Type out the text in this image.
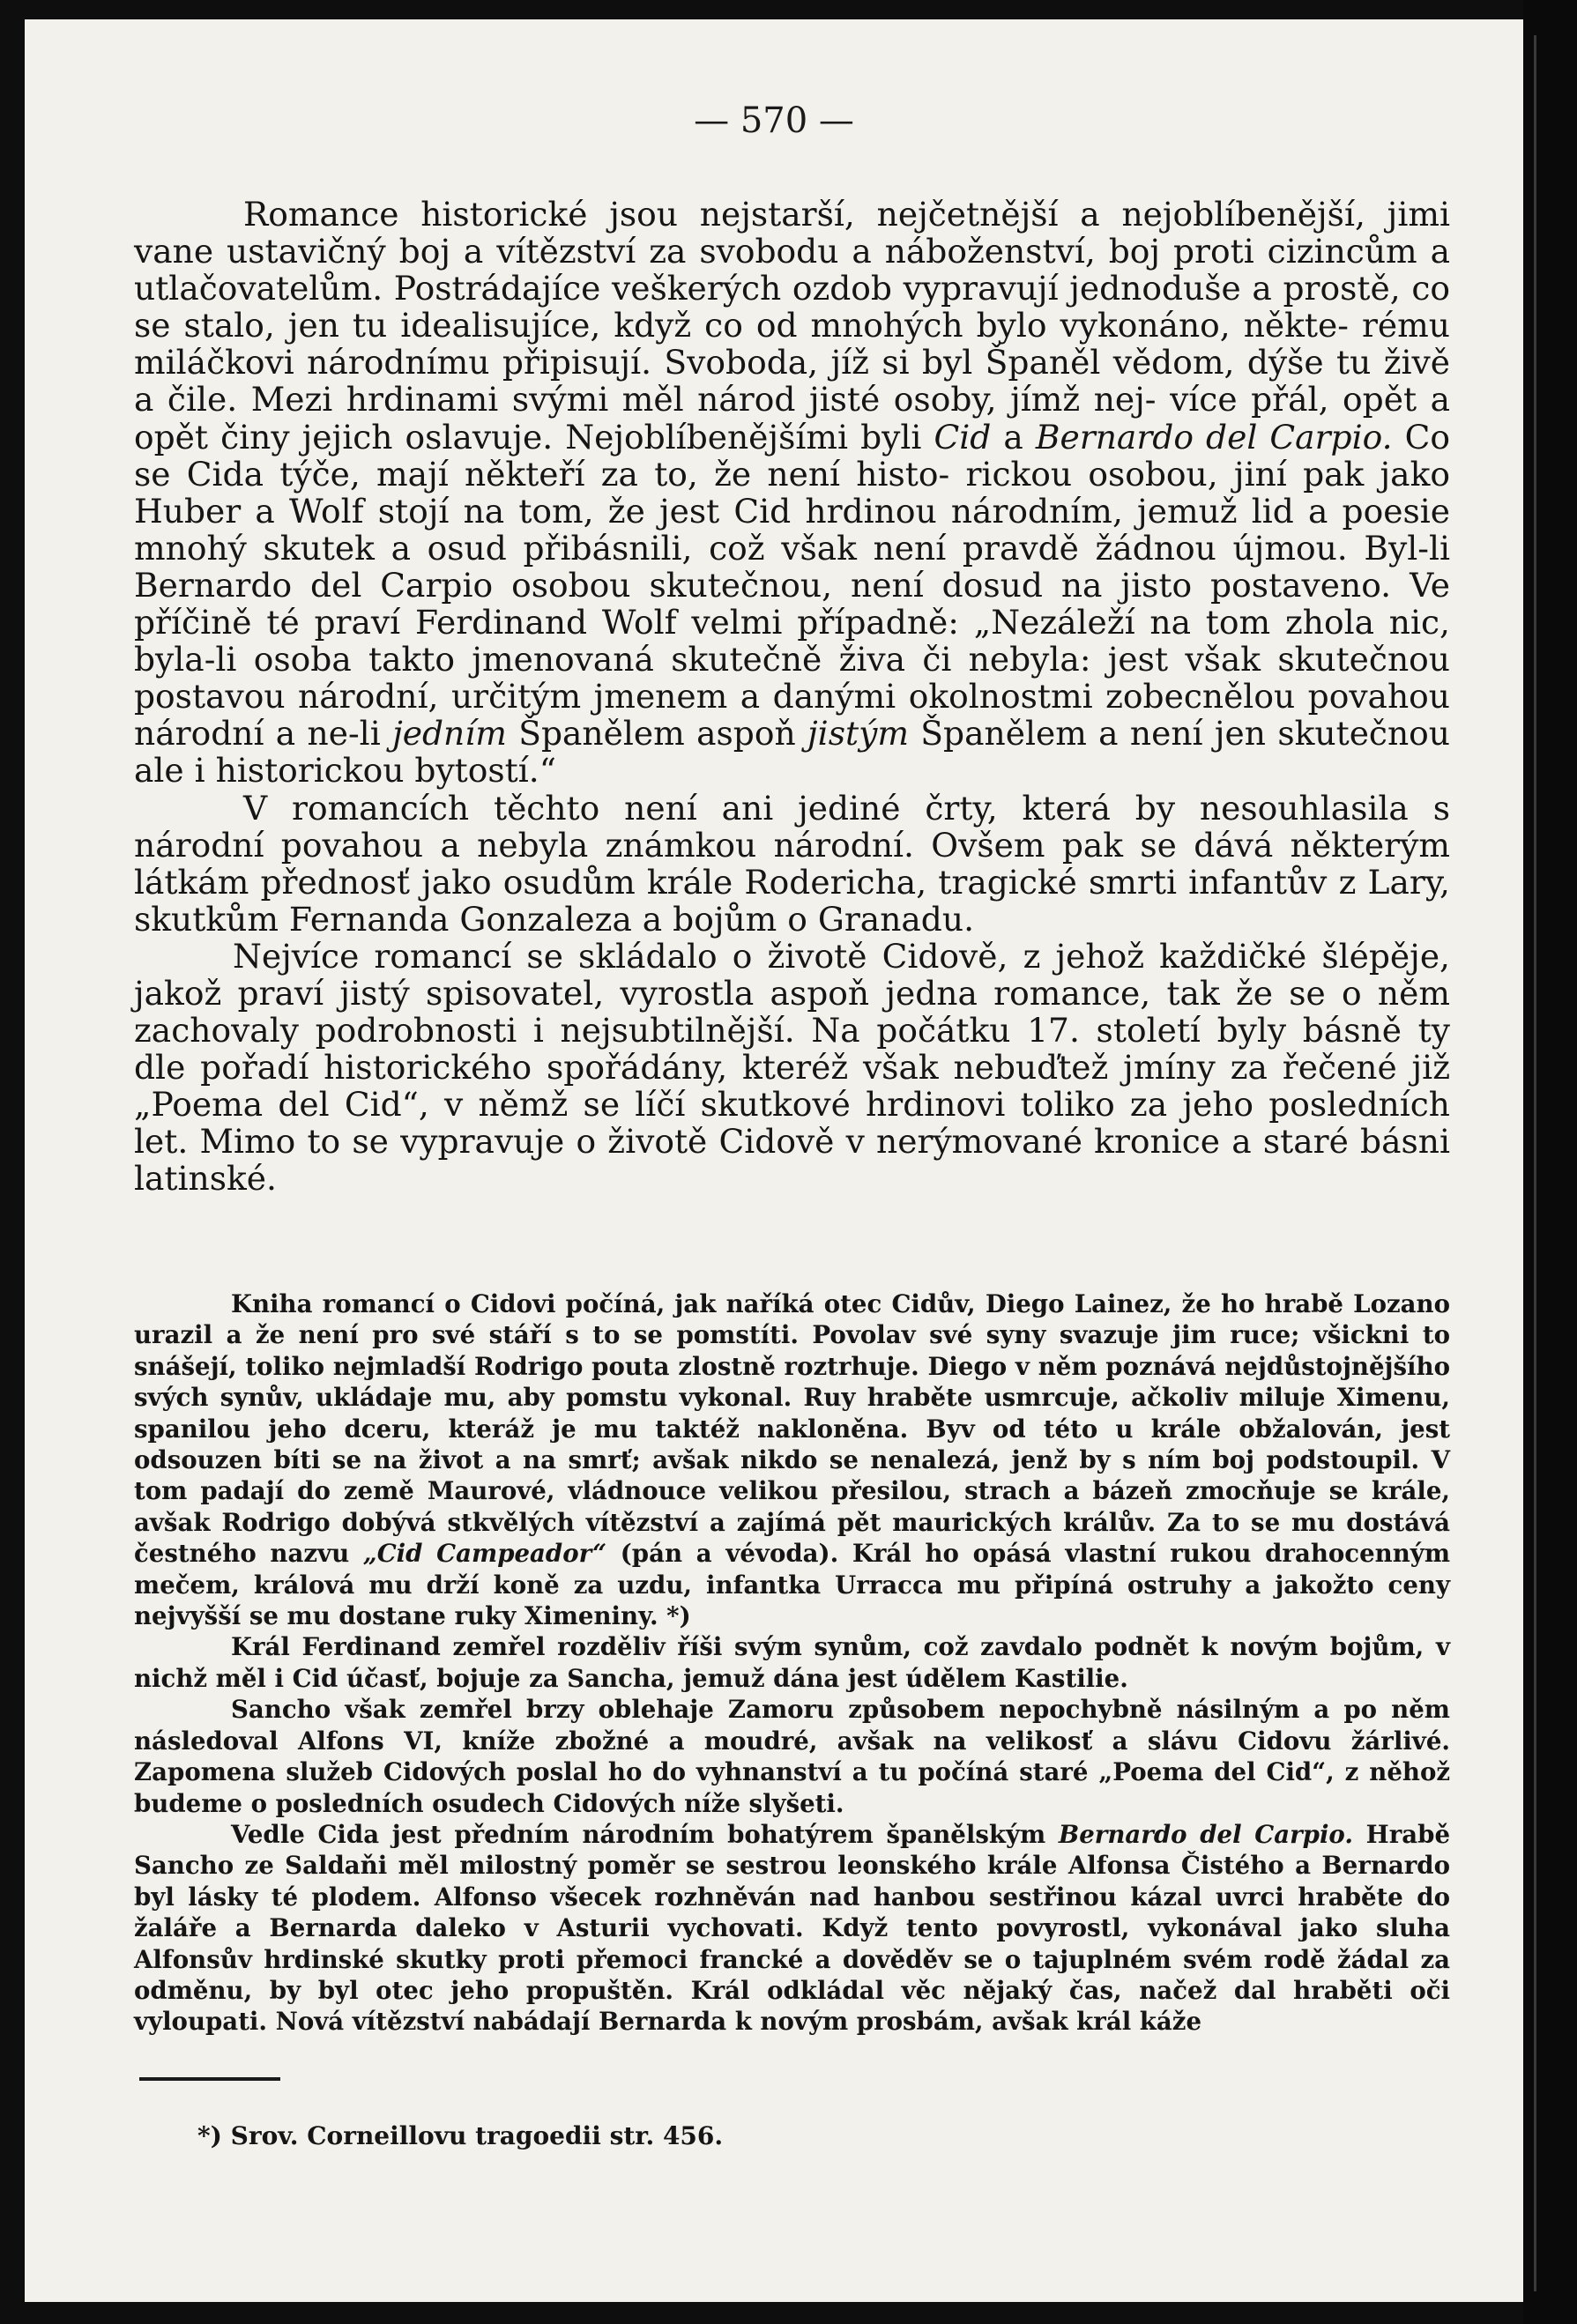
— 570 —

Romance historické jsou nejstarší, nejčetnější a nejoblíbenější, jimi vane ustavičný boj a vítězství za svobodu a náboženství, boj proti cizincům a utlačovatelům. Postrádajíce veškerých ozdob vypravují jednoduše a prostě, co se stalo, jen tu idealisujíce, když co od mnohých bylo vykonáno, někte- rému miláčkovi národnímu připisují. Svoboda, jíž si byl Španěl vědom, dýše tu živě a čile. Mezi hrdinami svými měl národ jisté osoby, jímž nej- více přál, opět a opět činy jejich oslavuje. Nejoblíbenějšími byli Cid a Bernardo del Carpio. Co se Cida týče, mají někteří za to, že není histo- rickou osobou, jiní pak jako Huber a Wolf stojí na tom, že jest Cid hrdinou národním, jemuž lid a poesie mnohý skutek a osud přibásnili, což však není pravdě žádnou újmou. Byl-li Bernardo del Carpio osobou skutečnou, není dosud na jisto postaveno. Ve příčině té praví Ferdinand Wolf velmi případně: „Nezáleží na tom zhola nic, byla-li osoba takto jmenovaná skutečně živa či nebyla: jest však skutečnou postavou národní, určitým jmenem a danými okolnostmi zobecnělou povahou národní a ne-li jedním Španělem aspoň jistým Španělem a není jen skutečnou ale i historickou bytostí.“

V romancích těchto není ani jediné črty, která by nesouhlasila s národní povahou a nebyla známkou národní. Ovšem pak se dává některým látkám přednosť jako osudům krále Rodericha, tragické smrti infantův z Lary, skutkům Fernanda Gonzaleza a bojům o Granadu.

Nejvíce romancí se skládalo o životě Cidově, z jehož každičké šlépěje, jakož praví jistý spisovatel, vyrostla aspoň jedna romance, tak že se o něm zachovaly podrobnosti i nejsubtilnější. Na počátku 17. století byly básně ty dle pořadí historického spořádány, kteréž však nebuďtež jmíny za řečené již „Poema del Cid“, v němž se líčí skutkové hrdinovi toliko za jeho posledních let. Mimo to se vypravuje o životě Cidově v nerýmované kronice a staré básni latinské.

Kniha romancí o Cidovi počíná, jak naříká otec Cidův, Diego Lainez, že ho hrabě Lozano urazil a že není pro své stáří s to se pomstíti. Povolav své syny svazuje jim ruce; všickni to snášejí, toliko nejmladší Rodrigo pouta zlostně roztrhuje. Diego v něm poznává nejdůstojnějšího svých synův, ukládaje mu, aby pomstu vykonal. Ruy hraběte usmrcuje, ačkoliv miluje Ximenu, spanilou jeho dceru, kteráž je mu taktéž nakloněna. Byv od této u krále obžalován, jest odsouzen bíti se na život a na smrť; avšak nikdo se nenalezá, jenž by s ním boj podstoupil. V tom padají do země Maurové, vládnouce velikou přesilou, strach a bázeň zmocňuje se krále, avšak Rodrigo dobývá stkvělých vítězství a zajímá pět maurických králův. Za to se mu dostává čestného nazvu „Cid Campeador“ (pán a vévoda). Král ho opásá vlastní rukou drahocenným mečem, králová mu drží koně za uzdu, infantka Urracca mu připíná ostruhy a jakožto ceny nejvyšší se mu dostane ruky Ximeniny. *)

Král Ferdinand zemřel rozděliv říši svým synům, což zavdalo podnět k novým bojům, v nichž měl i Cid účasť, bojuje za Sancha, jemuž dána jest údělem Kastilie.

Sancho však zemřel brzy oblehaje Zamoru způsobem nepochybně násilným a po něm následoval Alfons VI, kníže zbožné a moudré, avšak na velikosť a slávu Cidovu žárlivé. Zapomena služeb Cidových poslal ho do vyhnanství a tu počíná staré „Poema del Cid“, z něhož budeme o posledních osudech Cidových níže slyšeti.

Vedle Cida jest předním národním bohatýrem španělským Bernardo del Carpio. Hrabě Sancho ze Saldaňi měl milostný poměr se sestrou leonského krále Alfonsa Čistého a Bernardo byl lásky té plodem. Alfonso všecek rozhněván nad hanbou sestřinou kázal uvrci hraběte do žaláře a Bernarda daleko v Asturii vychovati. Když tento povyrostl, vykonával jako sluha Alfonsův hrdinské skutky proti přemoci francké a dověděv se o tajuplném svém rodě žádal za odměnu, by byl otec jeho propuštěn. Král odkládal věc nějaký čas, načež dal hraběti oči vyloupati. Nová vítězství nabádají Bernarda k novým prosbám, avšak král káže

*) Srov. Corneillovu tragoedii str. 456.
